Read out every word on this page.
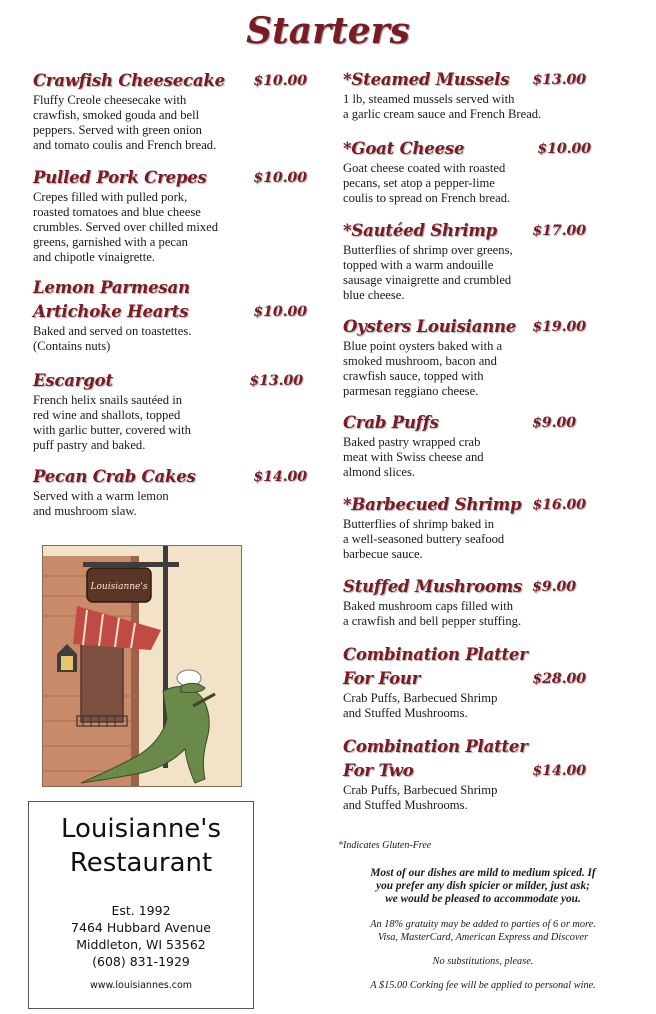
Starters
Crawfish Cheesecake $10.00
Fluffy Creole cheesecake with
crawfish, smoked gouda and bell
peppers. Served with green onion
and tomato coulis and French bread.
Pulled Pork Crepes	$10.00
Crepes filled with pulled pork,
roasted tomatoes and blue cheese
crumbles. Served over chilled mixed
greens, garnished with a pecan
and chipotle vinaigrette.
Lemon Parmesan
Artichoke Hearts	$10.00
Baked and served on toastettes.
(Contains nuts)
Escargot	$13.00
French helix snails sautéed in
red wine and shallots, topped
with garlic butter, covered with
puff pastry and baked.
Pecan Crab Cakes	$14.00
Served with a warm lemon
and mushroom slaw.
*Steamed Mussels $13.00
1 lb, steamed mussels served with
a garlic cream sauce and French Bread.
*Goat Cheese	$10.00
Goat cheese coated with roasted
pecans, set atop a pepper-lime
coulis to spread on French bread.
*Sautéed Shrimp	$17.00
Butterflies of shrimp over greens,
topped with a warm andouille
sausage vinaigrette and crumbled
blue cheese.
Oysters Louisianne $19.00
Blue point oysters baked with a
smoked mushroom, bacon and
crawfish sauce, topped with
parmesan reggiano cheese.
Crab Puffs	$9.00
Baked pastry wrapped crab
meat with Swiss cheese and
almond slices.
*Barbecued Shrimp $16.00
Butterflies of shrimp baked in
a well-seasoned buttery seafood
barbecue sauce.
Stuffed Mushrooms $9.00
Baked mushroom caps filled with
a crawfish and bell pepper stuffing.
Combination Platter
For Four	$28.00
Crab Puffs, Barbecued Shrimp
and Stuffed Mushrooms.
Combination Platter
For Two	$14.00
Crab Puffs, Barbecued Shrimp
and Stuffed Mushrooms.
Louisianne's
Louisianne's
Restaurant
Est. 1992
7464 Hubbard Avenue
Middleton, WI 53562
(608) 831-1929
www.louisiannes.com
*Indicates Gluten-Free
Most of our dishes are mild to medium spiced. If
you prefer any dish spicier or milder, just ask;
we would be pleased to accommodate you.
An 18% gratuity may be added to parties of 6 or more.
Visa, MasterCard, American Express and Discover
No substitutions, please.
A $15.00 Corking fee will be applied to personal wine.
